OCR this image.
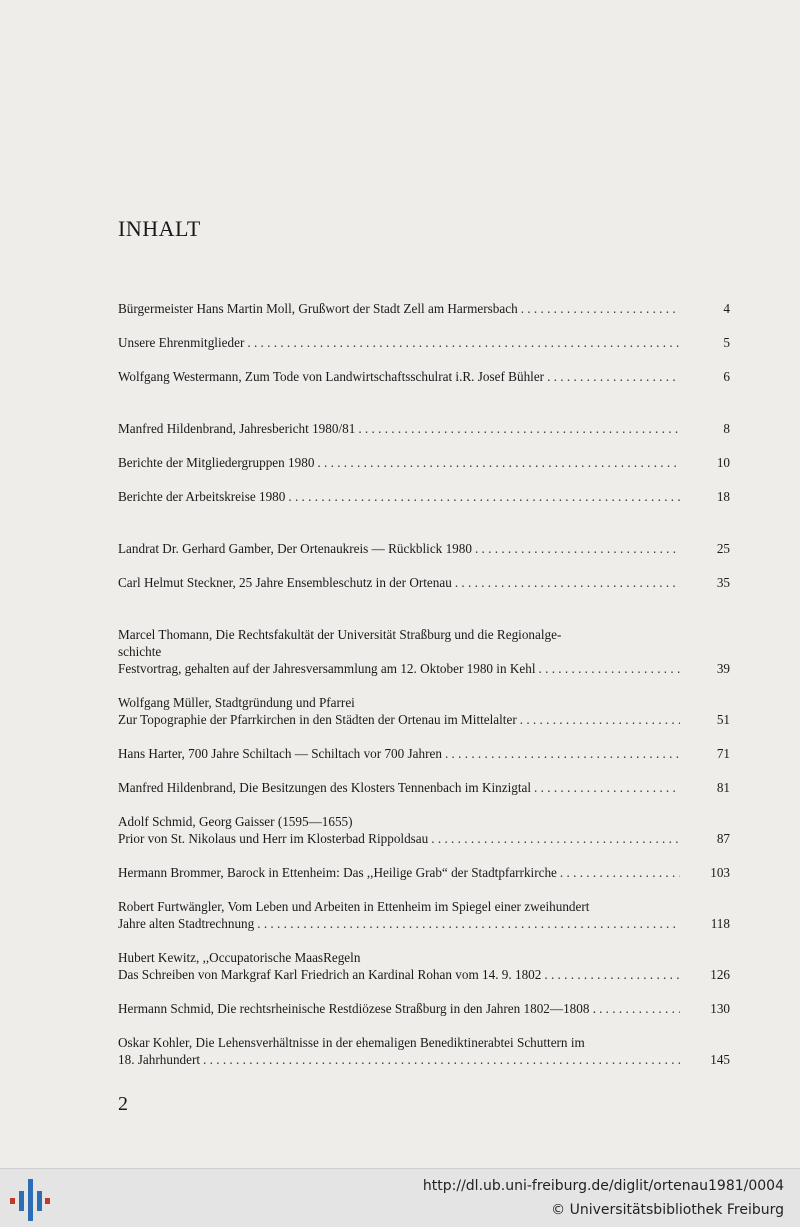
INHALT
Bürgermeister Hans Martin Moll, Grußwort der Stadt Zell am Harmersbach . . .	4
Unsere Ehrenmitglieder . . .	5
Wolfgang Westermann, Zum Tode von Landwirtschaftsschulrat i.R. Josef Bühler . . .	6
Manfred Hildenbrand, Jahresbericht 1980/81 . . .	8
Berichte der Mitgliedergruppen 1980 . . .	10
Berichte der Arbeitskreise 1980 . . .	18
Landrat Dr. Gerhard Gamber, Der Ortenaukreis — Rückblick 1980 . . .	25
Carl Helmut Steckner, 25 Jahre Ensembleschutz in der Ortenau . . .	35
Marcel Thomann, Die Rechtsfakultät der Universität Straßburg und die Regionalge-
schichte
Festvortrag, gehalten auf der Jahresversammlung am 12. Oktober 1980 in Kehl . . .	39
Wolfgang Müller, Stadtgründung und Pfarrei
Zur Topographie der Pfarrkirchen in den Städten der Ortenau im Mittelalter . . .	51
Hans Harter, 700 Jahre Schiltach — Schiltach vor 700 Jahren . . .	71
Manfred Hildenbrand, Die Besitzungen des Klosters Tennenbach im Kinzigtal . . .	81
Adolf Schmid, Georg Gaisser (1595—1655)
Prior von St. Nikolaus und Herr im Klosterbad Rippoldsau . . .	87
Hermann Brommer, Barock in Ettenheim: Das ,,Heilige Grab“ der Stadtpfarrkirche . . .	103
Robert Furtwängler, Vom Leben und Arbeiten in Ettenheim im Spiegel einer zweihundert
Jahre alten Stadtrechnung . . .	118
Hubert Kewitz, ,,Occupatorische MaasRegeln
Das Schreiben von Markgraf Karl Friedrich an Kardinal Rohan vom 14. 9. 1802 . . .	126
Hermann Schmid, Die rechtsrheinische Restdiözese Straßburg in den Jahren 1802—1808 . . . .	130
Oskar Kohler, Die Lehensverhältnisse in der ehemaligen Benediktinerabtei Schuttern im
18. Jahrhundert . . .	145
2
http://dl.ub.uni-freiburg.de/diglit/ortenau1981/0004
© Universitätsbibliothek Freiburg
